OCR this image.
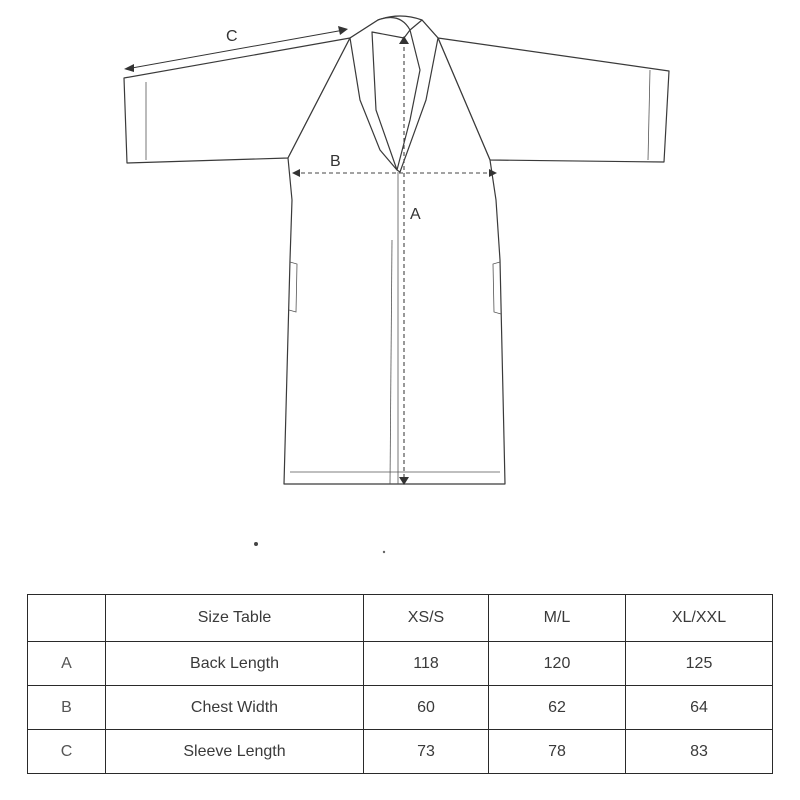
C
B
A
	Size Table	XS/S	M/L	XL/XXL
A	Back Length	118	120	125
B	Chest Width	60	62	64
C	Sleeve Length	73	78	83
